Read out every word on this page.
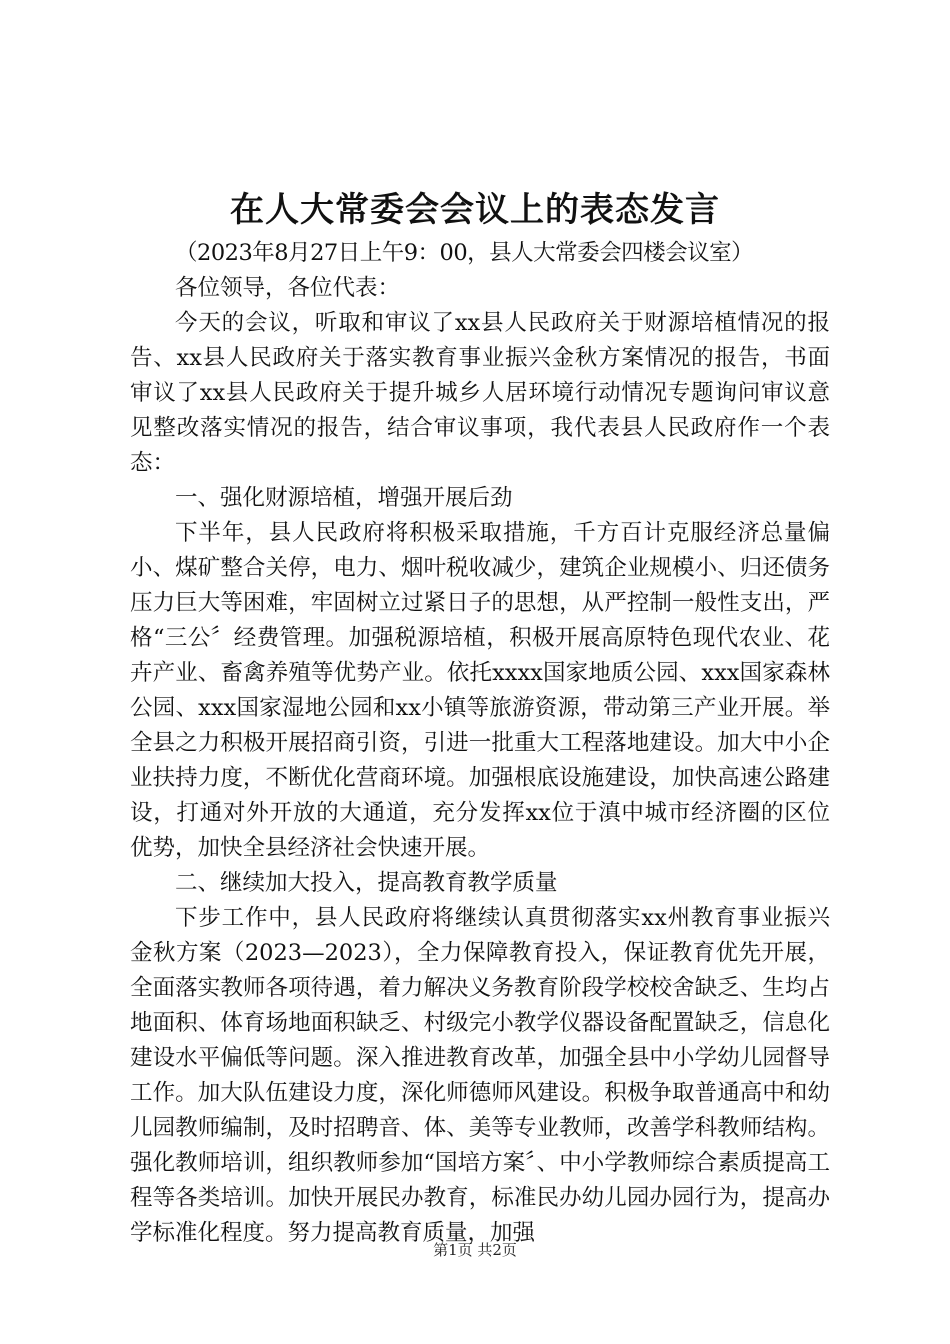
在人大常委会会议上的表态发言

（2023年8月27日上午9：00，县人大常委会四楼会议室）

各位领导，各位代表：

今天的会议，听取和审议了xx县人民政府关于财源培植情况的报告、xx县人民政府关于落实教育事业振兴金秋方案情况的报告，书面审议了xx县人民政府关于提升城乡人居环境行动情况专题询问审议意见整改落实情况的报告，结合审议事项，我代表县人民政府作一个表态：

一、强化财源培植，增强开展后劲

下半年，县人民政府将积极采取措施，千方百计克服经济总量偏小、煤矿整合关停，电力、烟叶税收减少，建筑企业规模小、归还债务压力巨大等困难，牢固树立过紧日子的思想，从严控制一般性支出，严格“三公〞经费管理。加强税源培植，积极开展高原特色现代农业、花卉产业、畜禽养殖等优势产业。依托xxxx国家地质公园、xxx国家森林公园、xxx国家湿地公园和xx小镇等旅游资源，带动第三产业开展。举全县之力积极开展招商引资，引进一批重大工程落地建设。加大中小企业扶持力度，不断优化营商环境。加强根底设施建设，加快高速公路建设，打通对外开放的大通道，充分发挥xx位于滇中城市经济圈的区位优势，加快全县经济社会快速开展。

二、继续加大投入，提高教育教学质量

下步工作中，县人民政府将继续认真贯彻落实xx州教育事业振兴金秋方案（2023—2023），全力保障教育投入，保证教育优先开展，全面落实教师各项待遇，着力解决义务教育阶段学校校舍缺乏、生均占地面积、体育场地面积缺乏、村级完小教学仪器设备配置缺乏，信息化建设水平偏低等问题。深入推进教育改革，加强全县中小学幼儿园督导工作。加大队伍建设力度，深化师德师风建设。积极争取普通高中和幼儿园教师编制，及时招聘音、体、美等专业教师，改善学科教师结构。强化教师培训，组织教师参加“国培方案〞、中小学教师综合素质提高工程等各类培训。加快开展民办教育，标准民办幼儿园办园行为，提高办学标准化程度。努力提高教育质量，加强

第1页 共2页
